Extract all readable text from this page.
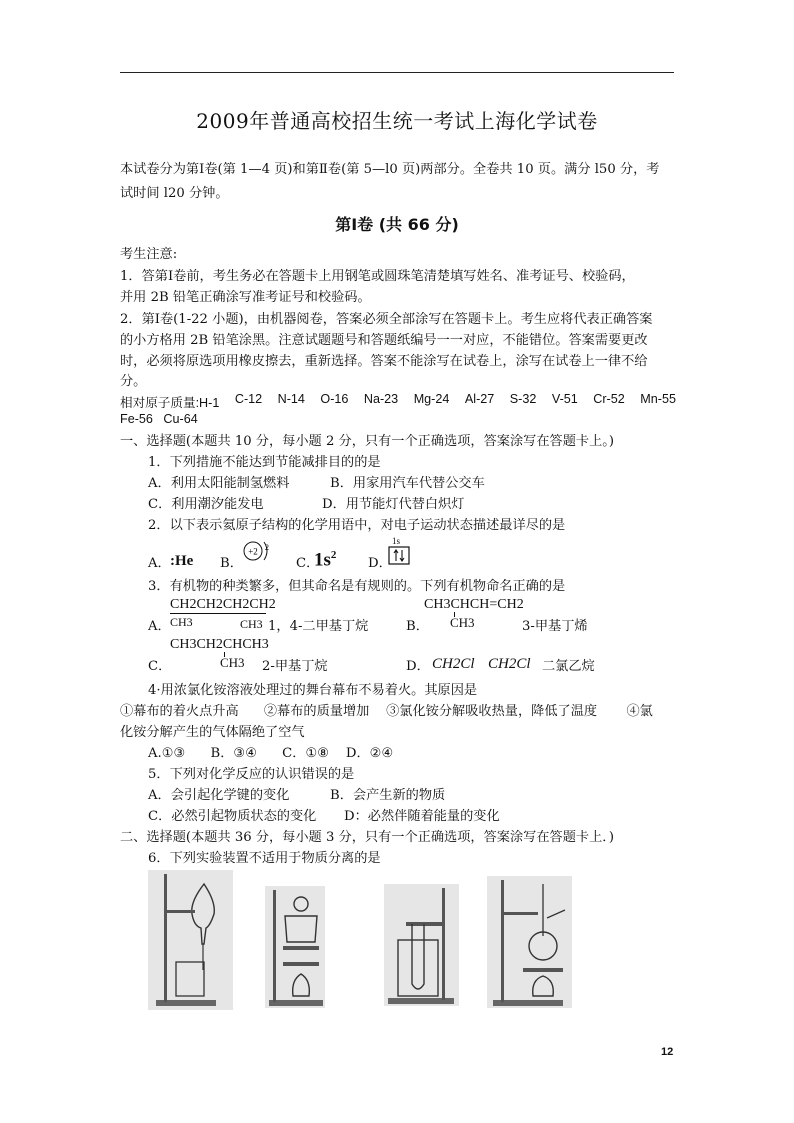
2009年普通高校招生统一考试上海化学试卷
本试卷分为第Ⅰ卷(第 1—4 页)和第Ⅱ卷(第 5—l0 页)两部分。全卷共 10 页。满分 l50 分，考
试时间 l20 分钟。
第Ⅰ卷 (共 66 分)
考生注意:
1．答第Ⅰ卷前，考生务必在答题卡上用钢笔或圆珠笔清楚填写姓名、准考证号、校验码，
并用 2B 铅笔正确涂写准考证号和校验码。
2．第Ⅰ卷(1-22 小题)，由机器阅卷，答案必须全部涂写在答题卡上。考生应将代表正确答案
的小方格用 2B 铅笔涂黑。注意试题题号和答题纸编号一一对应，不能错位。答案需要更改
时，必须将原选项用橡皮擦去，重新选择。答案不能涂写在试卷上，涂写在试卷上一律不给
分。
相对原子质量:H-1 C-12 N-14 O-16 Na-23 Mg-24 Al-27 S-32 V-51 Cr-52 Mn-55
Fe-56   Cu-64
一、选择题(本题共 10 分，每小题 2 分，只有一个正确选项，答案涂写在答题卡上。)
1．下列措施不能达到节能减排目的的是
A．利用太阳能制氢燃料	B．用家用汽车代替公交车
C．利用潮汐能发电	D．用节能灯代替白炽灯
2．以下表示氦原子结构的化学用语中，对电子运动状态描述最详尽的是
A． :He B．
+2 2
C．
$1s^2$
D．
1s
3．有机物的种类繁多，但其命名是有规则的。下列有机物命名正确的是
CH2CH2CH2CH2
CH3	CH3
A．	1，4-二甲基丁烷
CH3CHCH=CH2
CH3
B．	3-甲基丁烯
CH3CH2CHCH3
CH3
C．	2-甲基丁烷	D． CH2Cl CH2Cl 二氯乙烷
4·用浓氯化铵溶液处理过的舞台幕布不易着火。其原因是
①幕布的着火点升高      ②幕布的质量增加    ③氯化铵分解吸收热量，降低了温度       ④氯
化铵分解产生的气体隔绝了空气
A.①③      B．③④      C．①⑧    D．②④
5．下列对化学反应的认识错误的是
A．会引起化学键的变化	B．会产生新的物质
C．必然引起物质状态的变化 D：必然伴随着能量的变化
二、选择题(本题共 36 分，每小题 3 分，只有一个正确选项，答案涂写在答题卡上．)
6．下列实验装置不适用于物质分离的是
12
